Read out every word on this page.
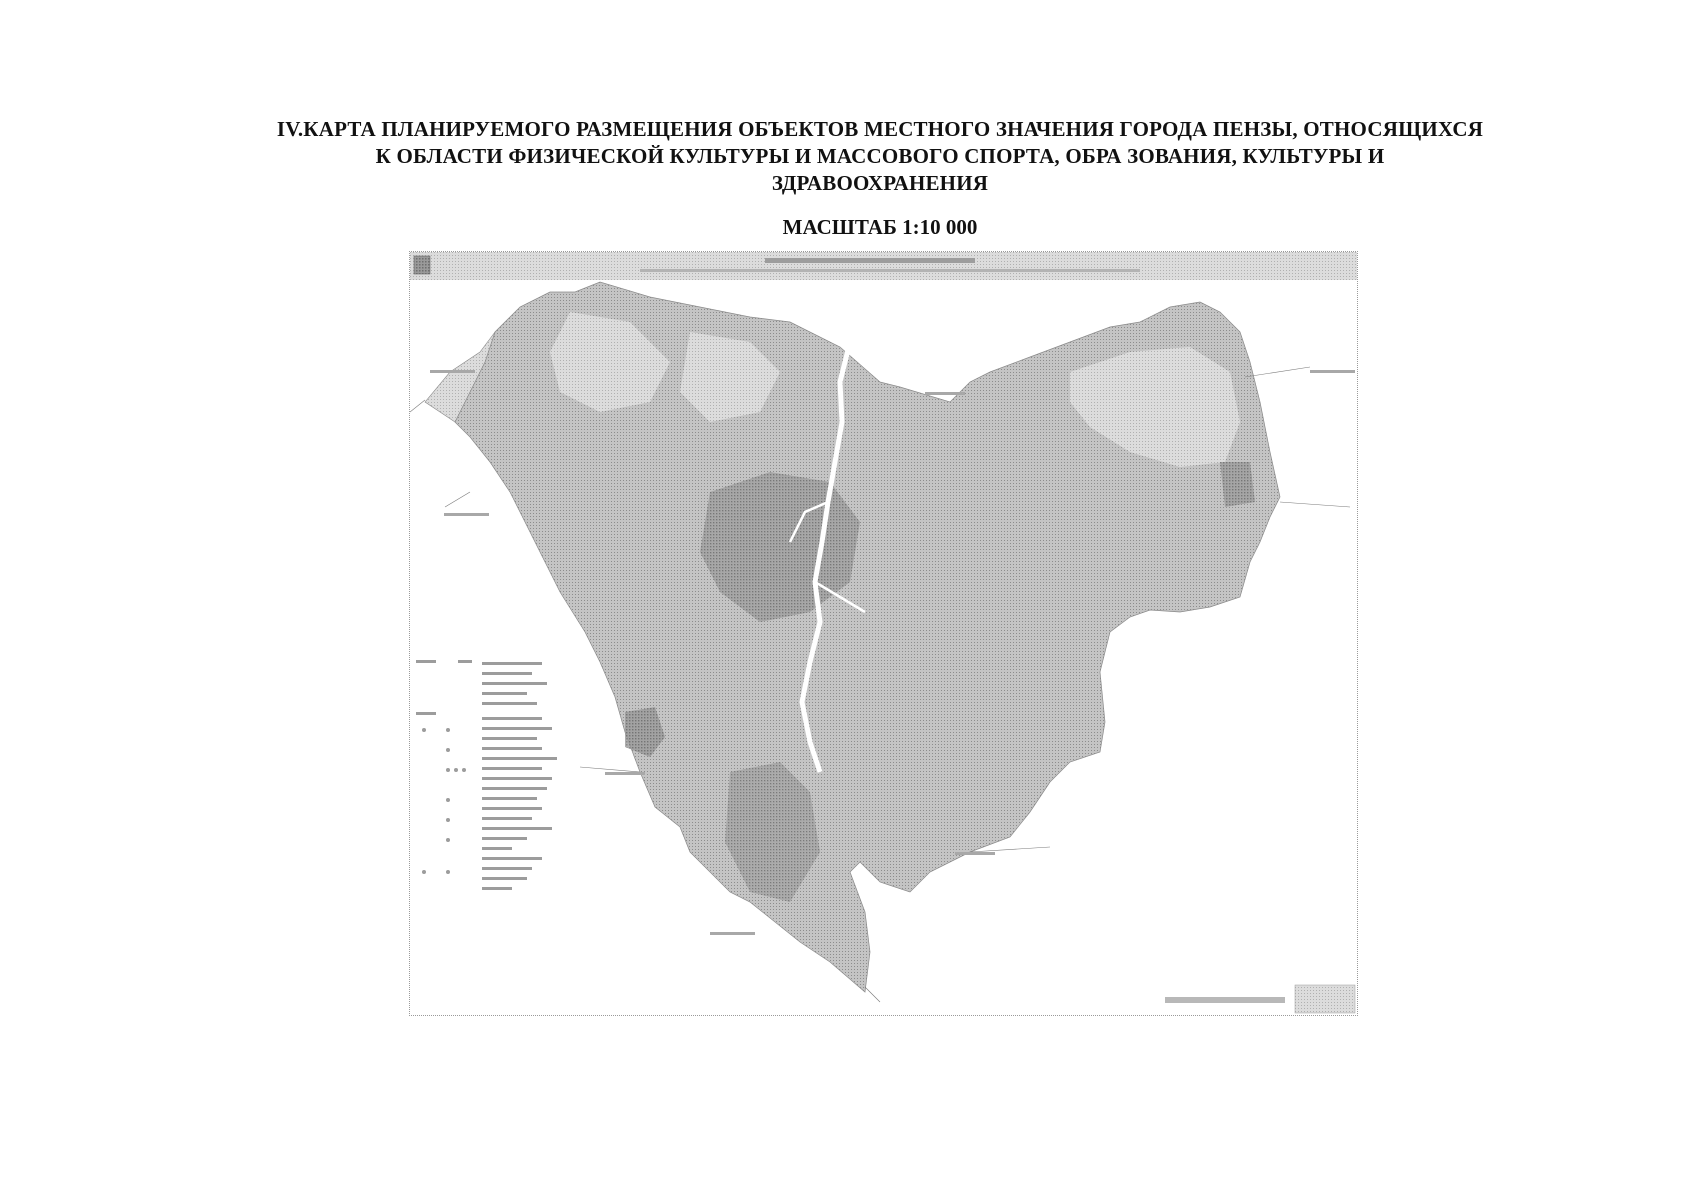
IV.КАРТА ПЛАНИРУЕМОГО РАЗМЕЩЕНИЯ ОБЪЕКТОВ МЕСТНОГО ЗНАЧЕНИЯ ГОРОДА ПЕНЗЫ, ОТНОСЯЩИХСЯ
К ОБЛАСТИ ФИЗИЧЕСКОЙ КУЛЬТУРЫ И МАССОВОГО СПОРТА, ОБРА ЗОВАНИЯ, КУЛЬТУРЫ И
ЗДРАВООХРАНЕНИЯ
МАСШТАБ 1:10 000
